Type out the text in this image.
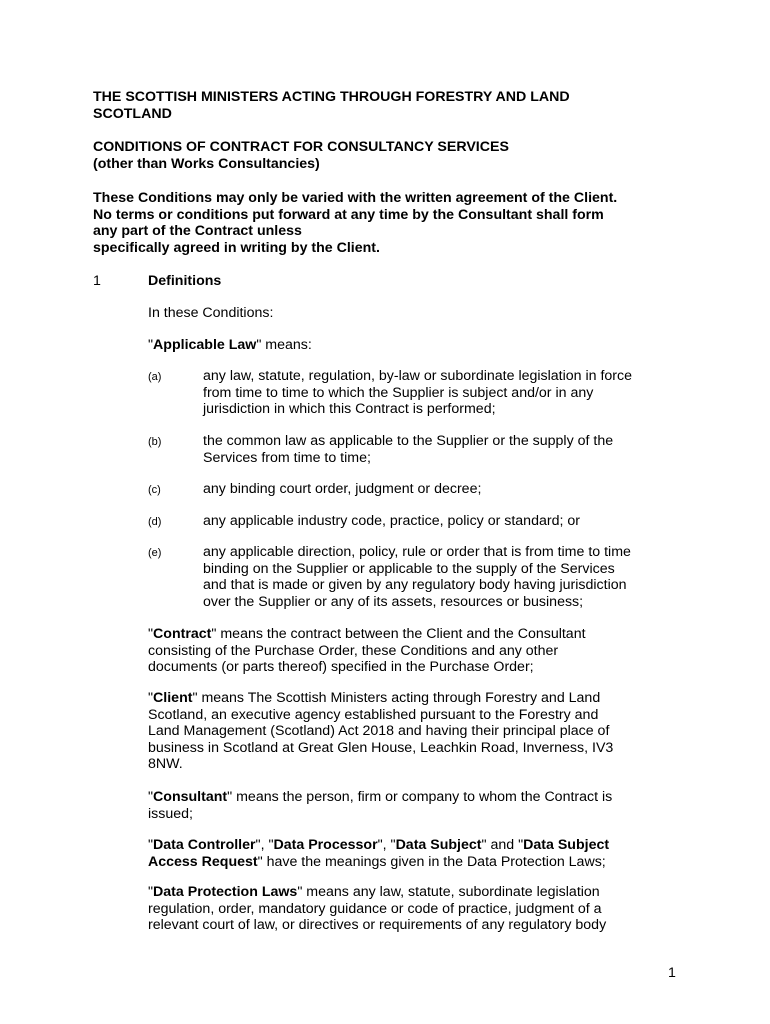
THE SCOTTISH MINISTERS ACTING THROUGH FORESTRY AND LAND
SCOTLAND
CONDITIONS OF CONTRACT FOR CONSULTANCY SERVICES
(other than Works Consultancies)
These Conditions may only be varied with the written agreement of the Client.
No terms or conditions put forward at any time by the Consultant shall form
any part of the Contract unless
specifically agreed in writing by the Client.
1	Definitions
In these Conditions:
"Applicable Law" means:
(a)	any law, statute, regulation, by-law or subordinate legislation in force
from time to time to which the Supplier is subject and/or in any
jurisdiction in which this Contract is performed;
(b)	the common law as applicable to the Supplier or the supply of the
Services from time to time;
(c)	any binding court order, judgment or decree;
(d)	any applicable industry code, practice, policy or standard; or
(e)	any applicable direction, policy, rule or order that is from time to time
binding on the Supplier or applicable to the supply of the Services
and that is made or given by any regulatory body having jurisdiction
over the Supplier or any of its assets, resources or business;
"Contract" means the contract between the Client and the Consultant
consisting of the Purchase Order, these Conditions and any other
documents (or parts thereof) specified in the Purchase Order;
"Client" means The Scottish Ministers acting through Forestry and Land
Scotland, an executive agency established pursuant to the Forestry and
Land Management (Scotland) Act 2018 and having their principal place of
business in Scotland at Great Glen House, Leachkin Road, Inverness, IV3
8NW.
"Consultant" means the person, firm or company to whom the Contract is
issued;
"Data Controller", "Data Processor", "Data Subject" and "Data Subject
Access Request" have the meanings given in the Data Protection Laws;
"Data Protection Laws" means any law, statute, subordinate legislation
regulation, order, mandatory guidance or code of practice, judgment of a
relevant court of law, or directives or requirements of any regulatory body
1
